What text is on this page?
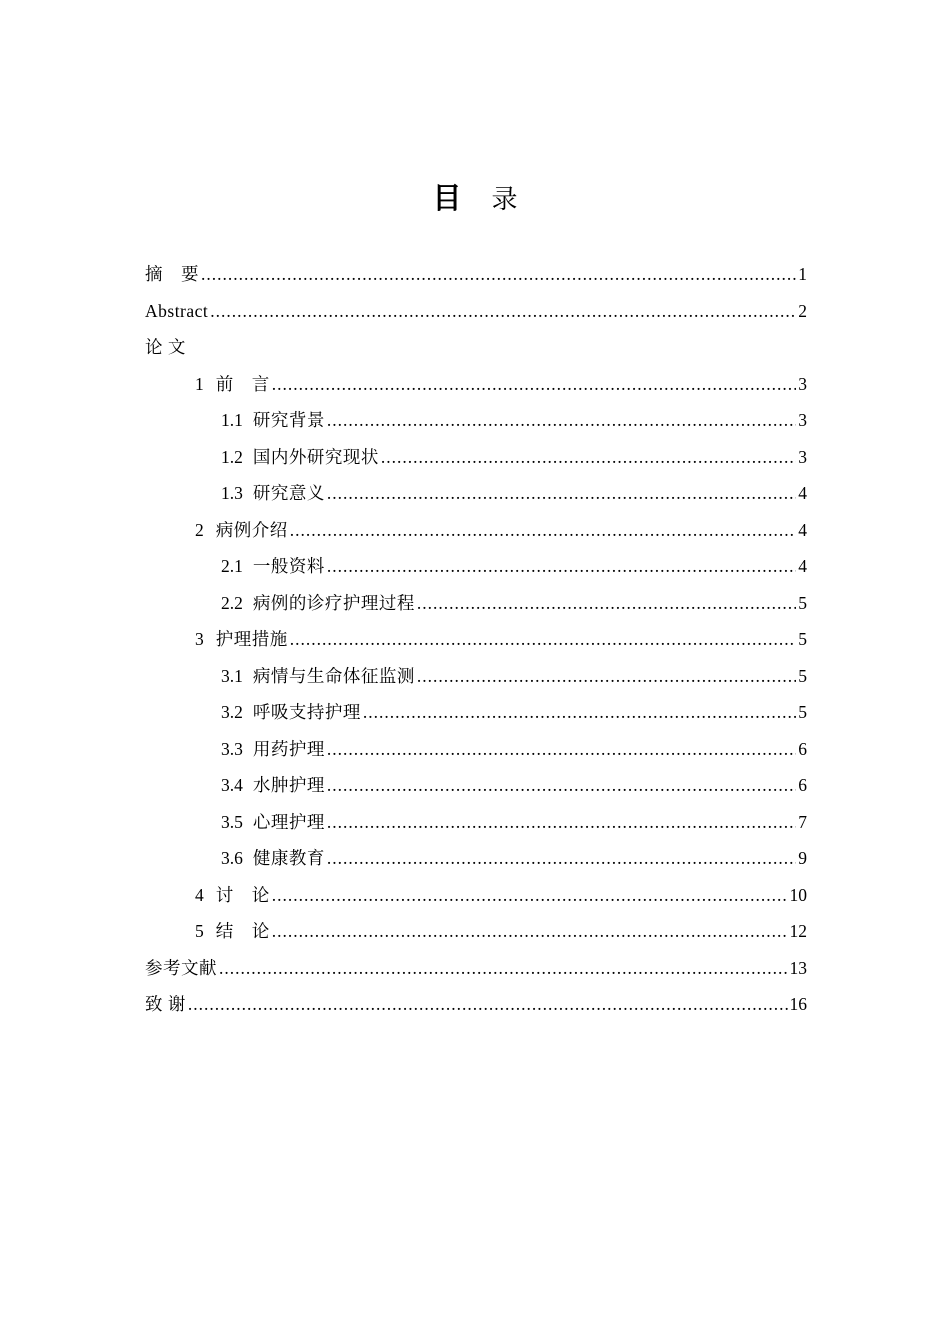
目 录
摘　要 .....	1
Abstract .....	2
论 文
1 前　言 .....	3
1.1 研究背景 .....	3
1.2 国内外研究现状 .....	3
1.3 研究意义 .....	4
2 病例介绍 .....	4
2.1 一般资料 .....	4
2.2 病例的诊疗护理过程 .....	5
3 护理措施 .....	5
3.1 病情与生命体征监测 .....	5
3.2 呼吸支持护理 .....	5
3.3 用药护理 .....	6
3.4 水肿护理 .....	6
3.5 心理护理 .....	7
3.6 健康教育 .....	9
4 讨　论 .....	10
5 结　论 .....	12
参考文献 .....	13
致 谢 .....	16
